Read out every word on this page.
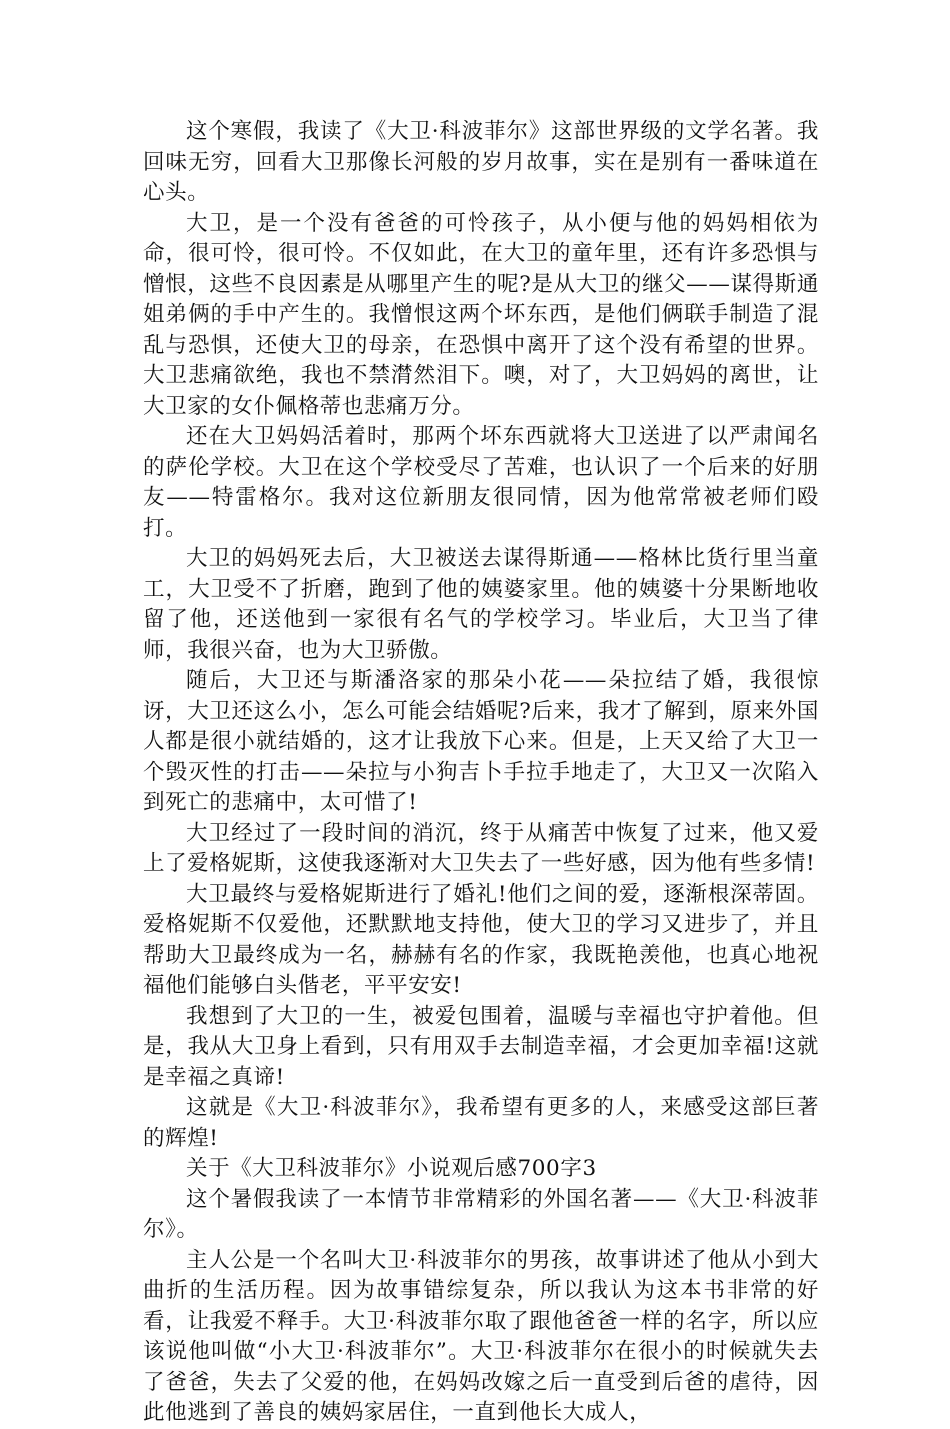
这个寒假，我读了《大卫·科波菲尔》这部世界级的文学名著。我回味无穷，回看大卫那像长河般的岁月故事，实在是别有一番味道在心头。

大卫，是一个没有爸爸的可怜孩子，从小便与他的妈妈相依为命，很可怜，很可怜。不仅如此，在大卫的童年里，还有许多恐惧与憎恨，这些不良因素是从哪里产生的呢?是从大卫的继父——谋得斯通姐弟俩的手中产生的。我憎恨这两个坏东西，是他们俩联手制造了混乱与恐惧，还使大卫的母亲，在恐惧中离开了这个没有希望的世界。大卫悲痛欲绝，我也不禁潸然泪下。噢，对了，大卫妈妈的离世，让大卫家的女仆佩格蒂也悲痛万分。

还在大卫妈妈活着时，那两个坏东西就将大卫送进了以严肃闻名的萨伦学校。大卫在这个学校受尽了苦难，也认识了一个后来的好朋友——特雷格尔。我对这位新朋友很同情，因为他常常被老师们殴打。

大卫的妈妈死去后，大卫被送去谋得斯通——格林比货行里当童工，大卫受不了折磨，跑到了他的姨婆家里。他的姨婆十分果断地收留了他，还送他到一家很有名气的学校学习。毕业后，大卫当了律师，我很兴奋，也为大卫骄傲。

随后，大卫还与斯潘洛家的那朵小花——朵拉结了婚，我很惊讶，大卫还这么小，怎么可能会结婚呢?后来，我才了解到，原来外国人都是很小就结婚的，这才让我放下心来。但是，上天又给了大卫一个毁灭性的打击——朵拉与小狗吉卜手拉手地走了，大卫又一次陷入到死亡的悲痛中，太可惜了!

大卫经过了一段时间的消沉，终于从痛苦中恢复了过来，他又爱上了爱格妮斯，这使我逐渐对大卫失去了一些好感，因为他有些多情!

大卫最终与爱格妮斯进行了婚礼!他们之间的爱，逐渐根深蒂固。爱格妮斯不仅爱他，还默默地支持他，使大卫的学习又进步了，并且帮助大卫最终成为一名，赫赫有名的作家，我既艳羡他，也真心地祝福他们能够白头偕老，平平安安!

我想到了大卫的一生，被爱包围着，温暖与幸福也守护着他。但是，我从大卫身上看到，只有用双手去制造幸福，才会更加幸福!这就是幸福之真谛!

这就是《大卫·科波菲尔》，我希望有更多的人，来感受这部巨著的辉煌!

关于《大卫科波菲尔》小说观后感700字3

这个暑假我读了一本情节非常精彩的外国名著——《大卫·科波菲尔》。

主人公是一个名叫大卫·科波菲尔的男孩，故事讲述了他从小到大曲折的生活历程。因为故事错综复杂，所以我认为这本书非常的好看，让我爱不释手。大卫·科波菲尔取了跟他爸爸一样的名字，所以应该说他叫做“小大卫·科波菲尔”。大卫·科波菲尔在很小的时候就失去了爸爸，失去了父爱的他，在妈妈改嫁之后一直受到后爸的虐待，因此他逃到了善良的姨妈家居住，一直到他长大成人，
